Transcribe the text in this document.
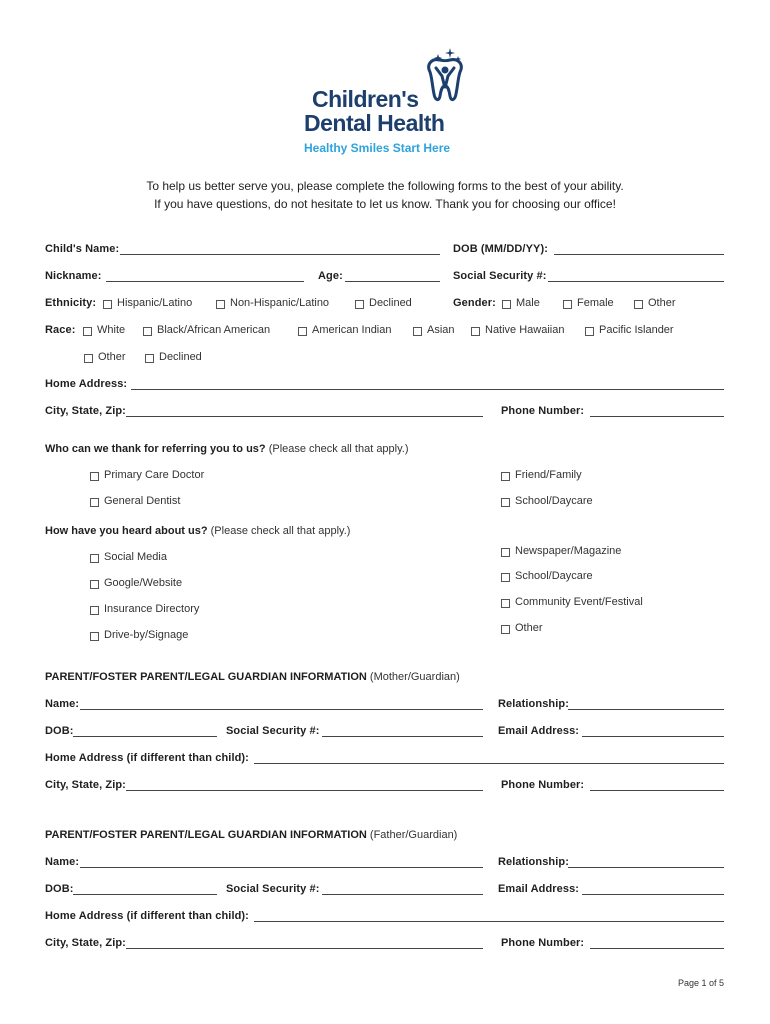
Children's
Dental Health
Healthy Smiles Start Here
To help us better serve you, please complete the following forms to the best of your ability.
If you have questions, do not hesitate to let us know. Thank you for choosing our office!
Child's Name:	DOB (MM/DD/YY):
Nickname:	Age:	Social Security #:
Ethnicity: Hispanic/Latino	Non-Hispanic/Latino	Declined	Gender: Male	Female	Other
Race: White	Black/African American	American Indian	Asian	Native Hawaiian	Pacific Islander
Other	Declined
Home Address:
City, State, Zip:	Phone Number:
Who can we thank for referring you to us? (Please check all that apply.)
Primary Care Doctor	Friend/Family
General Dentist	School/Daycare
How have you heard about us? (Please check all that apply.)
Social Media
Google/Website
Insurance Directory
Drive-by/Signage
Newspaper/Magazine
School/Daycare
Community Event/Festival
Other
PARENT/FOSTER PARENT/LEGAL GUARDIAN INFORMATION (Mother/Guardian)
Name:	Relationship:
DOB:	Social Security #:	Email Address:
Home Address (if different than child):
City, State, Zip:	Phone Number:
PARENT/FOSTER PARENT/LEGAL GUARDIAN INFORMATION (Father/Guardian)
Name:	Relationship:
DOB:	Social Security #:	Email Address:
Home Address (if different than child):
City, State, Zip:	Phone Number:
Page 1 of 5
